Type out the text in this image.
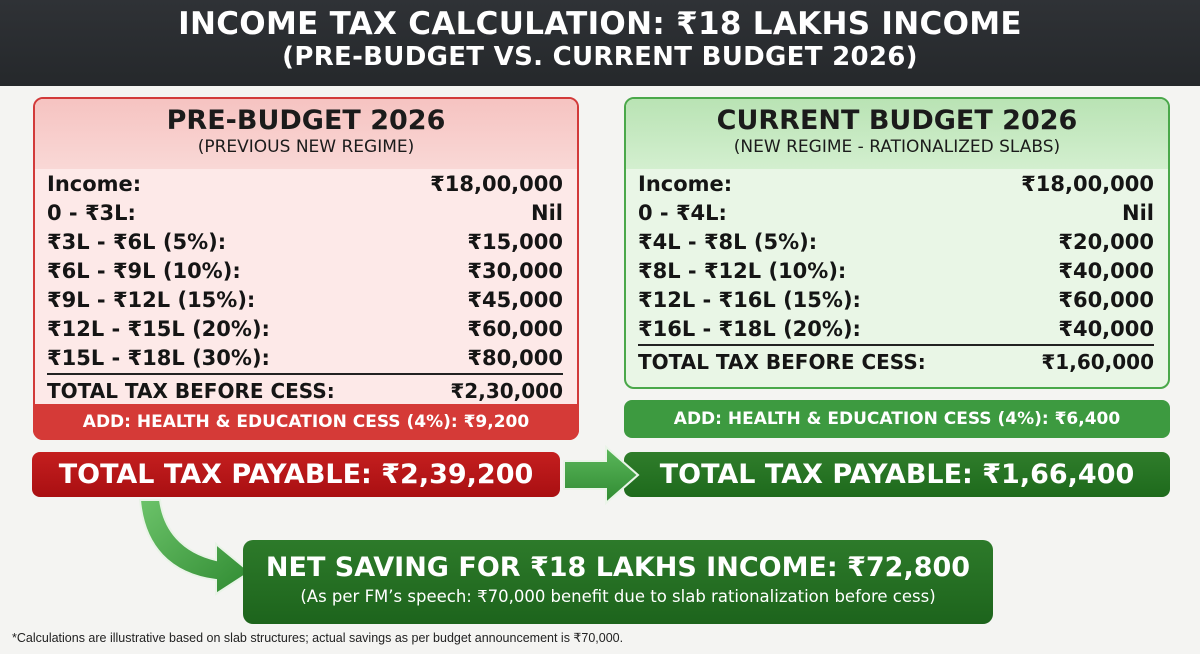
INCOME TAX CALCULATION: ₹18 LAKHS INCOME
(PRE-BUDGET VS. CURRENT BUDGET 2026)
PRE-BUDGET 2026
(PREVIOUS NEW REGIME)
Income:	₹18,00,000
0 - ₹3L:	Nil
₹3L - ₹6L (5%):	₹15,000
₹6L - ₹9L (10%):	₹30,000
₹9L - ₹12L (15%):	₹45,000
₹12L - ₹15L (20%):	₹60,000
₹15L - ₹18L (30%):	₹80,000
TOTAL TAX BEFORE CESS:	₹2,30,000
ADD: HEALTH & EDUCATION CESS (4%): ₹9,200
CURRENT BUDGET 2026
(NEW REGIME - RATIONALIZED SLABS)
Income:	₹18,00,000
0 - ₹4L:	Nil
₹4L - ₹8L (5%):	₹20,000
₹8L - ₹12L (10%):	₹40,000
₹12L - ₹16L (15%):	₹60,000
₹16L - ₹18L (20%):	₹40,000
TOTAL TAX BEFORE CESS:	₹1,60,000
ADD: HEALTH & EDUCATION CESS (4%): ₹6,400
TOTAL TAX PAYABLE: ₹2,39,200	TOTAL TAX PAYABLE: ₹1,66,400
NET SAVING FOR ₹18 LAKHS INCOME: ₹72,800
(As per FM’s speech: ₹70,000 benefit due to slab rationalization before cess)
*Calculations are illustrative based on slab structures; actual savings as per budget announcement is ₹70,000.
